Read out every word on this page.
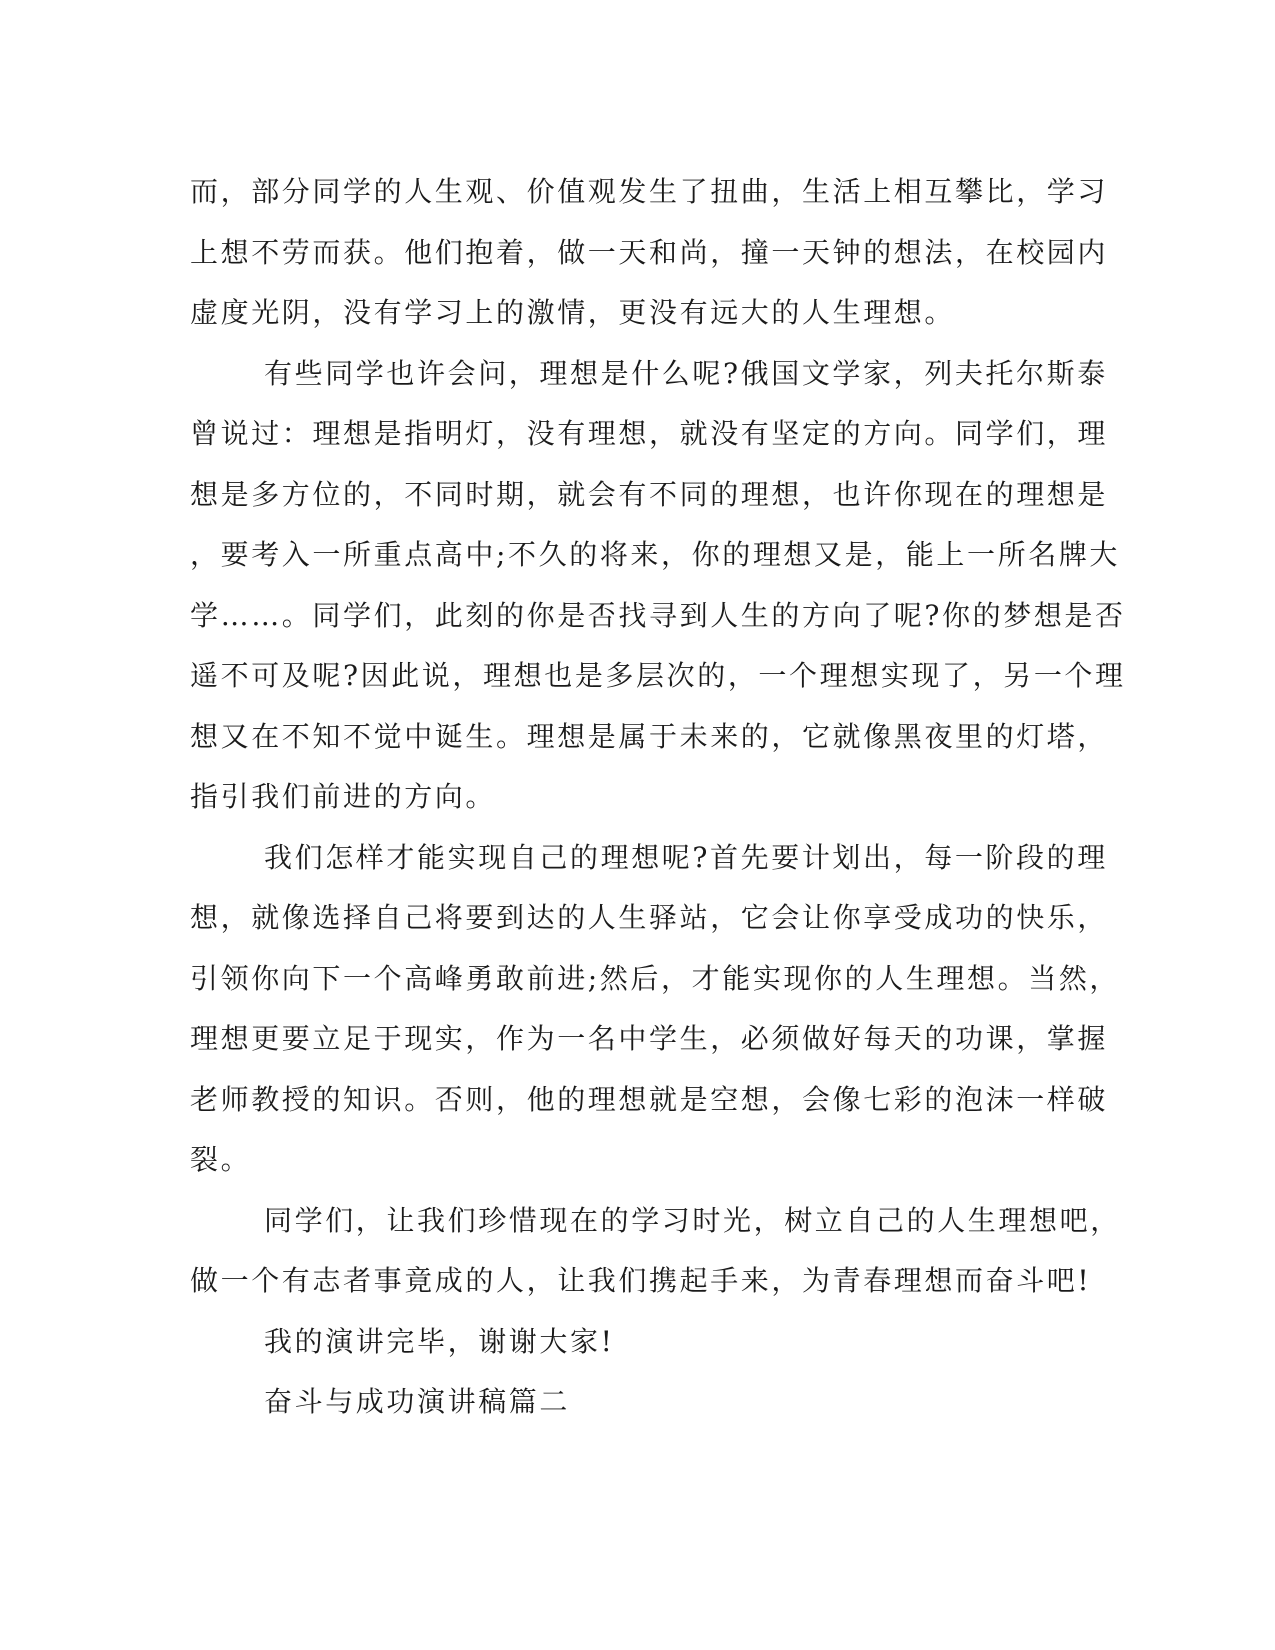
而，部分同学的人生观、价值观发生了扭曲，生活上相互攀比，学习
上想不劳而获。他们抱着，做一天和尚，撞一天钟的想法，在校园内
虚度光阴，没有学习上的激情，更没有远大的人生理想。
有些同学也许会问，理想是什么呢?俄国文学家，列夫托尔斯泰
曾说过：理想是指明灯，没有理想，就没有坚定的方向。同学们，理
想是多方位的，不同时期，就会有不同的理想，也许你现在的理想是
，要考入一所重点高中;不久的将来，你的理想又是，能上一所名牌大
学……。同学们，此刻的你是否找寻到人生的方向了呢?你的梦想是否
遥不可及呢?因此说，理想也是多层次的，一个理想实现了，另一个理
想又在不知不觉中诞生。理想是属于未来的，它就像黑夜里的灯塔，
指引我们前进的方向。
我们怎样才能实现自己的理想呢?首先要计划出，每一阶段的理
想，就像选择自己将要到达的人生驿站，它会让你享受成功的快乐，
引领你向下一个高峰勇敢前进;然后，才能实现你的人生理想。当然，
理想更要立足于现实，作为一名中学生，必须做好每天的功课，掌握
老师教授的知识。否则，他的理想就是空想，会像七彩的泡沫一样破
裂。
同学们，让我们珍惜现在的学习时光，树立自己的人生理想吧，
做一个有志者事竟成的人，让我们携起手来，为青春理想而奋斗吧!
我的演讲完毕，谢谢大家!
奋斗与成功演讲稿篇二
